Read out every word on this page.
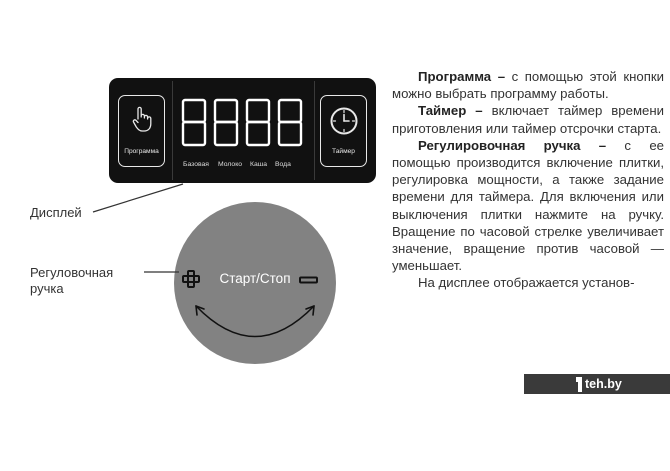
Программа
Базовая Молоко Каша Вода
Таймер
Старт/Стоп
Дисплей
Регуловочная
ручка

Программа – с помощью этой кнопки можно выбрать программу работы.

Таймер – включает таймер времени приготовления или таймер отсрочки старта.

Регулировочная ручка – с ее помощью производится включение плитки, регулировка мощности, а также задание времени для таймера. Для включения или выключения плитки нажмите на ручку. Вращение по часовой стрелке увеличивает значение, вращение против часовой — уменьшает.

На дисплее отображается установ-

teh.by
